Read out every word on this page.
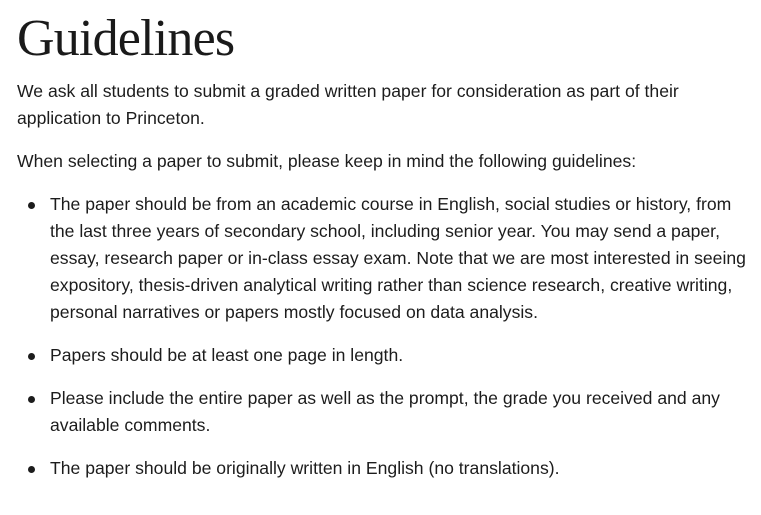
Guidelines

We ask all students to submit a graded written paper for consideration as part of their application to Princeton.

When selecting a paper to submit, please keep in mind the following guidelines:

The paper should be from an academic course in English, social studies or history, from the last three years of secondary school, including senior year. You may send a paper, essay, research paper or in-class essay exam. Note that we are most interested in seeing expository, thesis-driven analytical writing rather than science research, creative writing, personal narratives or papers mostly focused on data analysis.
Papers should be at least one page in length.
Please include the entire paper as well as the prompt, the grade you received and any available comments.
The paper should be originally written in English (no translations).
